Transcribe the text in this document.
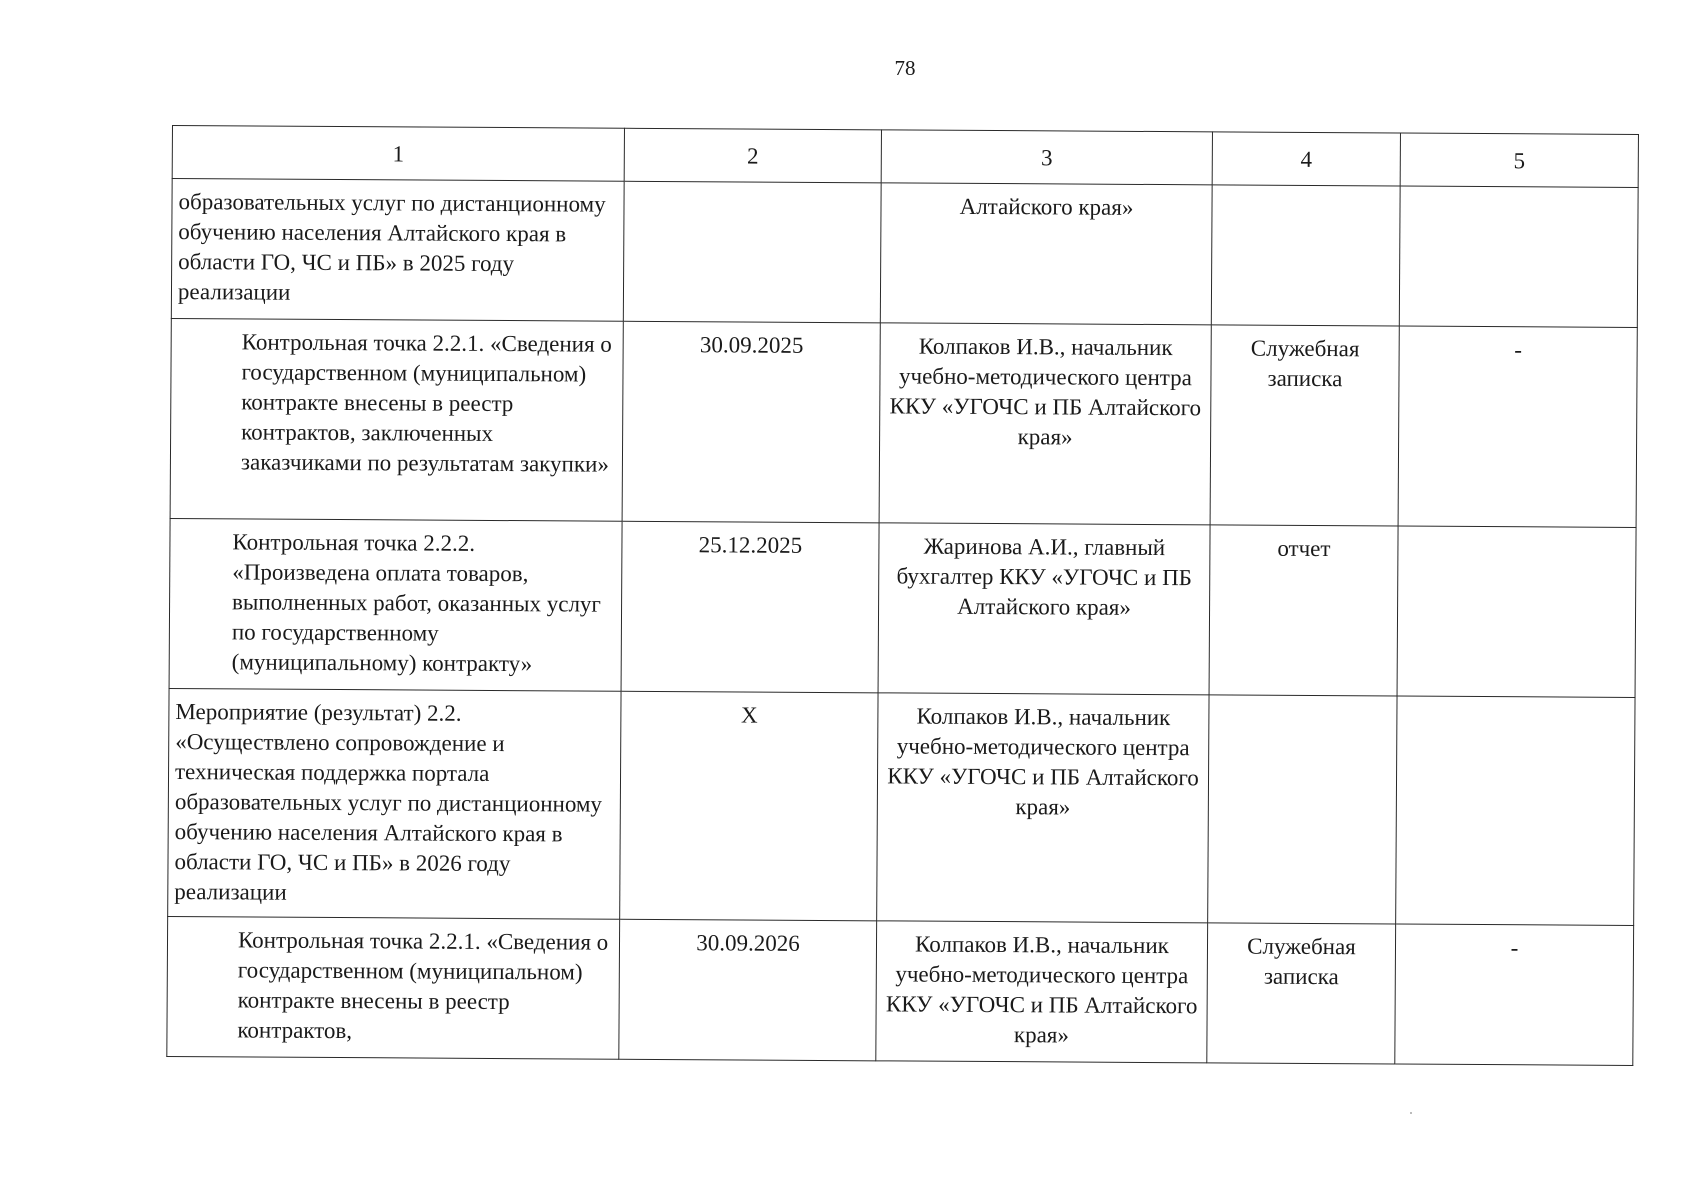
78
1	2	3	4	5
образовательных услуг по дистанционному обучению населения Алтайского края в области ГО, ЧС и ПБ» в 2025 году реализации		Алтайского края»		
Контрольная точка 2.2.1. «Сведения о государственном (муниципальном) контракте внесены в реестр контрактов, заключенных заказчиками по результатам закупки»	30.09.2025	Колпаков И.В., начальник учебно-методического центра ККУ «УГОЧС и ПБ Алтайского края»	Служебная записка	-
Контрольная точка 2.2.2. «Произведена оплата товаров, выполненных работ, оказанных услуг по государственному (муниципальному) контракту»	25.12.2025	Жаринова А.И., главный бухгалтер ККУ «УГОЧС и ПБ Алтайского края»	отчет	
Мероприятие (результат) 2.2. «Осуществлено сопровождение и техническая поддержка портала образовательных услуг по дистанционному обучению населения Алтайского края в области ГО, ЧС и ПБ» в 2026 году реализации	X	Колпаков И.В., начальник учебно-методического центра ККУ «УГОЧС и ПБ Алтайского края»		
Контрольная точка 2.2.1. «Сведения о государственном (муниципальном) контракте внесены в реестр контрактов,	30.09.2026	Колпаков И.В., начальник учебно-методического центра ККУ «УГОЧС и ПБ Алтайского края»	Служебная записка	-
